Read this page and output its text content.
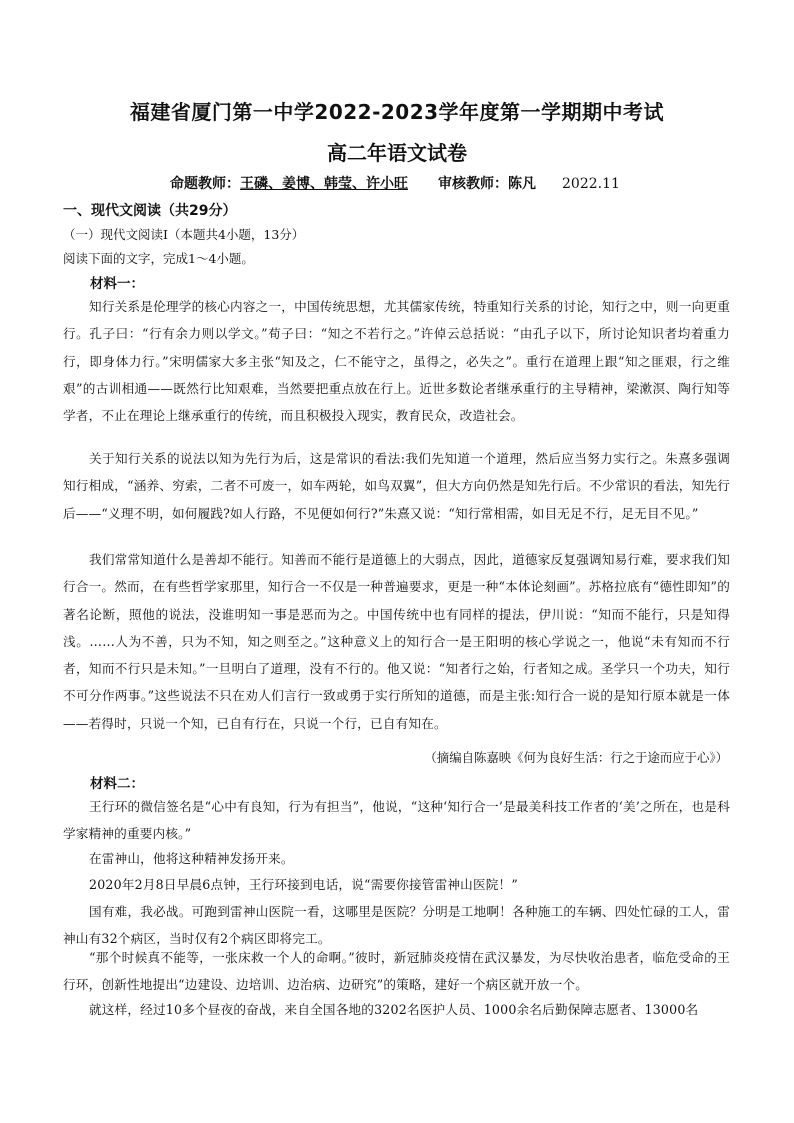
福建省厦门第一中学2022-2023学年度第一学期期中考试
高二年语文试卷
命题教师：王磷、姜博、韩莹、许小旺 审核教师：陈凡 2022.11
一、现代文阅读（共29分）
（一）现代文阅读Ⅰ（本题共4小题，13分）
阅读下面的文字，完成1～4小题。
材料一：
知行关系是伦理学的核心内容之一，中国传统思想，尤其儒家传统，特重知行关系的讨论，知行之中，则一向更重行。孔子曰：“行有余力则以学文。”荀子曰：“知之不若行之。”许倬云总括说：“由孔子以下，所讨论知识者均着重力行，即身体力行。”宋明儒家大多主张“知及之，仁不能守之，虽得之，必失之”。重行在道理上跟“知之匪艰，行之维艰”的古训相通——既然行比知艰难，当然要把重点放在行上。近世多数论者继承重行的主导精神，梁漱溟、陶行知等学者，不止在理论上继承重行的传统，而且积极投入现实，教育民众，改造社会。
关于知行关系的说法以知为先行为后，这是常识的看法:我们先知道一个道理，然后应当努力实行之。朱熹多强调知行相成，“涵养、穷索，二者不可废一，如车两轮，如鸟双翼”，但大方向仍然是知先行后。不少常识的看法，知先行后——“义理不明，如何履践?如人行路，不见便如何行?”朱熹又说：“知行常相需，如目无足不行，足无目不见。”
我们常常知道什么是善却不能行。知善而不能行是道德上的大弱点，因此，道德家反复强调知易行难，要求我们知行合一。然而，在有些哲学家那里，知行合一不仅是一种普遍要求，更是一种“本体论刻画”。苏格拉底有“德性即知”的著名论断，照他的说法，没谁明知一事是恶而为之。中国传统中也有同样的提法，伊川说：“知而不能行，只是知得浅。……人为不善，只为不知，知之则至之。”这种意义上的知行合一是王阳明的核心学说之一，他说“未有知而不行者，知而不行只是未知。”一旦明白了道理，没有不行的。他又说：“知者行之始，行者知之成。圣学只一个功夫，知行不可分作两事。”这些说法不只在劝人们言行一致或勇于实行所知的道德，而是主张:知行合一说的是知行原本就是一体——若得时，只说一个知，已自有行在，只说一个行，已自有知在。
（摘编自陈嘉映《何为良好生活：行之于途而应于心》）
材料二：
王行环的微信签名是“心中有良知，行为有担当”，他说，“这种‘知行合一’是最美科技工作者的‘美’之所在，也是科学家精神的重要内核。”
在雷神山，他将这种精神发扬开来。
2020年2月8日早晨6点钟，王行环接到电话，说“需要你接管雷神山医院！”
国有难，我必战。可跑到雷神山医院一看，这哪里是医院？分明是工地啊！各种施工的车辆、四处忙碌的工人，雷神山有32个病区，当时仅有2个病区即将完工。
“那个时候真不能等，一张床救一个人的命啊。”彼时，新冠肺炎疫情在武汉暴发，为尽快收治患者，临危受命的王行环，创新性地提出“边建设、边培训、边治病、边研究”的策略，建好一个病区就开放一个。
就这样，经过10多个昼夜的奋战，来自全国各地的3202名医护人员、1000余名后勤保障志愿者、13000名
